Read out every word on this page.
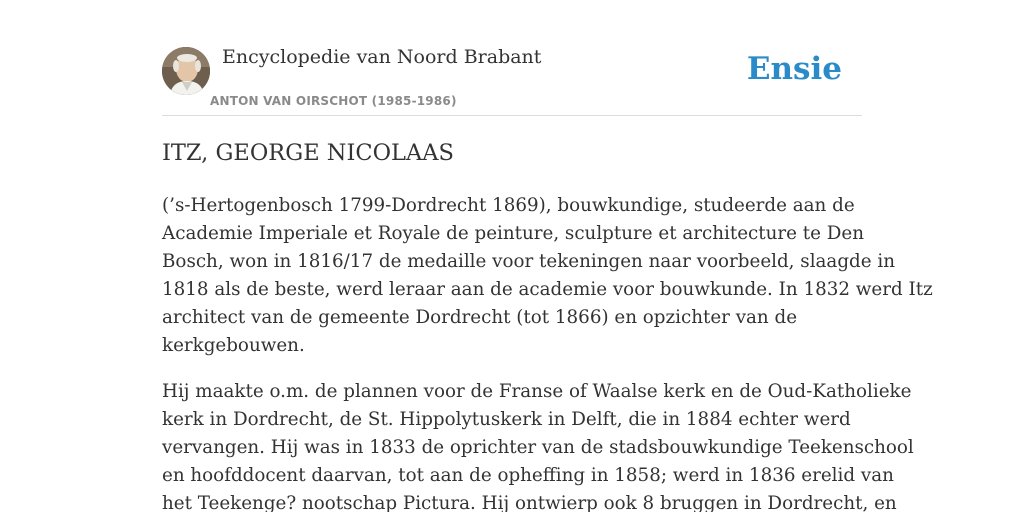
Encyclopedie van Noord Brabant
ANTON VAN OIRSCHOT (1985-1986)
Ensie
ITZ, GEORGE NICOLAAS

(’s-Hertogenbosch 1799-Dordrecht 1869), bouwkundige, studeerde aan de
Academie Imperiale et Royale de peinture, sculpture et architecture te Den
Bosch, won in 1816/17 de medaille voor tekeningen naar voorbeeld, slaagde in
1818 als de beste, werd leraar aan de academie voor bouwkunde. In 1832 werd Itz
architect van de gemeente Dordrecht (tot 1866) en opzichter van de
kerkgebouwen.

Hij maakte o.m. de plannen voor de Franse of Waalse kerk en de Oud-Katholieke
kerk in Dordrecht, de St. Hippolytuskerk in Delft, die in 1884 echter werd
vervangen. Hij was in 1833 de oprichter van de stadsbouwkundige Teekenschool
en hoofddocent daarvan, tot aan de opheffing in 1858; werd in 1836 erelid van
het Teekenge? nootschap Pictura. Hij ontwierp ook 8 bruggen in Dordrecht, en
